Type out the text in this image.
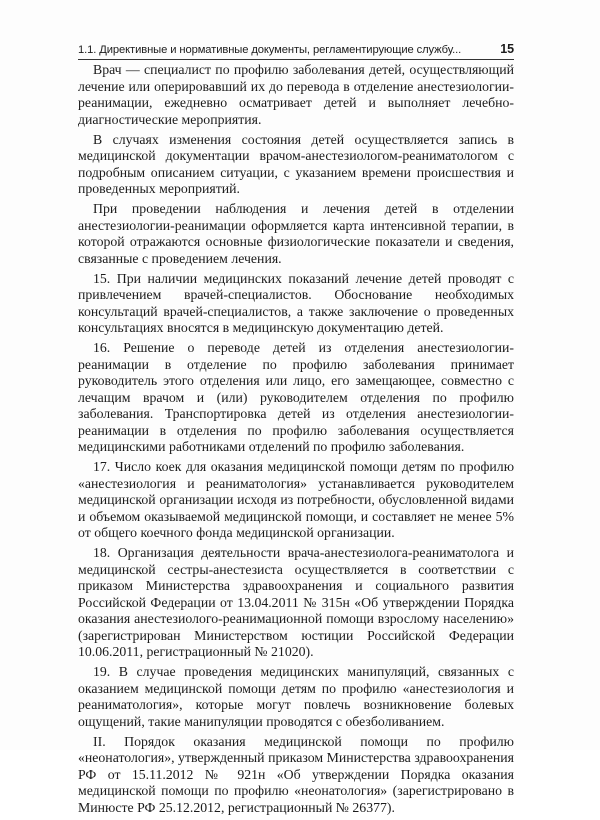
1.1. Директивные и нормативные документы, регламентирующие службу...	15

Врач — специалист по профилю заболевания детей, осуществляющий лечение или оперировавший их до перевода в отделение анестезиологии-реанимации, ежедневно осматривает детей и выполняет лечебно-диагностические мероприятия.

В случаях изменения состояния детей осуществляется запись в медицинской документации врачом-анестезиологом-реаниматологом с подробным описанием ситуации, с указанием времени происшествия и проведенных мероприятий.

При проведении наблюдения и лечения детей в отделении анестезиологии-реанимации оформляется карта интенсивной терапии, в которой отражаются основные физиологические показатели и сведения, связанные с проведением лечения.

15. При наличии медицинских показаний лечение детей проводят с привлечением врачей-специалистов. Обоснование необходимых консультаций врачей-специалистов, а также заключение о проведенных консультациях вносятся в медицинскую документацию детей.

16. Решение о переводе детей из отделения анестезиологии-реанимации в отделение по профилю заболевания принимает руководитель этого отделения или лицо, его замещающее, совместно с лечащим врачом и (или) руководителем отделения по профилю заболевания. Транспортировка детей из отделения анестезиологии-реанимации в отделения по профилю заболевания осуществляется медицинскими работниками отделений по профилю заболевания.

17. Число коек для оказания медицинской помощи детям по профилю «анестезиология и реаниматология» устанавливается руководителем медицинской организации исходя из потребности, обусловленной видами и объемом оказываемой медицинской помощи, и составляет не менее 5% от общего коечного фонда медицинской организации.

18. Организация деятельности врача-анестезиолога-реаниматолога и медицинской сестры-анестезиста осуществляется в соответствии с приказом Министерства здравоохранения и социального развития Российской Федерации от 13.04.2011 № 315н «Об утверждении Порядка оказания анестезиолого-реанимационной помощи взрослому населению» (зарегистрирован Министерством юстиции Российской Федерации 10.06.2011, регистрационный № 21020).

19. В случае проведения медицинских манипуляций, связанных с оказанием медицинской помощи детям по профилю «анестезиология и реаниматология», которые могут повлечь возникновение болевых ощущений, такие манипуляции проводятся с обезболиванием.

II. Порядок оказания медицинской помощи по профилю «неонатология», утвержденный приказом Министерства здравоохранения РФ от 15.11.2012 № 921н «Об утверждении Порядка оказания медицинской помощи по профилю «неонатология» (зарегистрировано в Минюсте РФ 25.12.2012, регистрационный № 26377).
